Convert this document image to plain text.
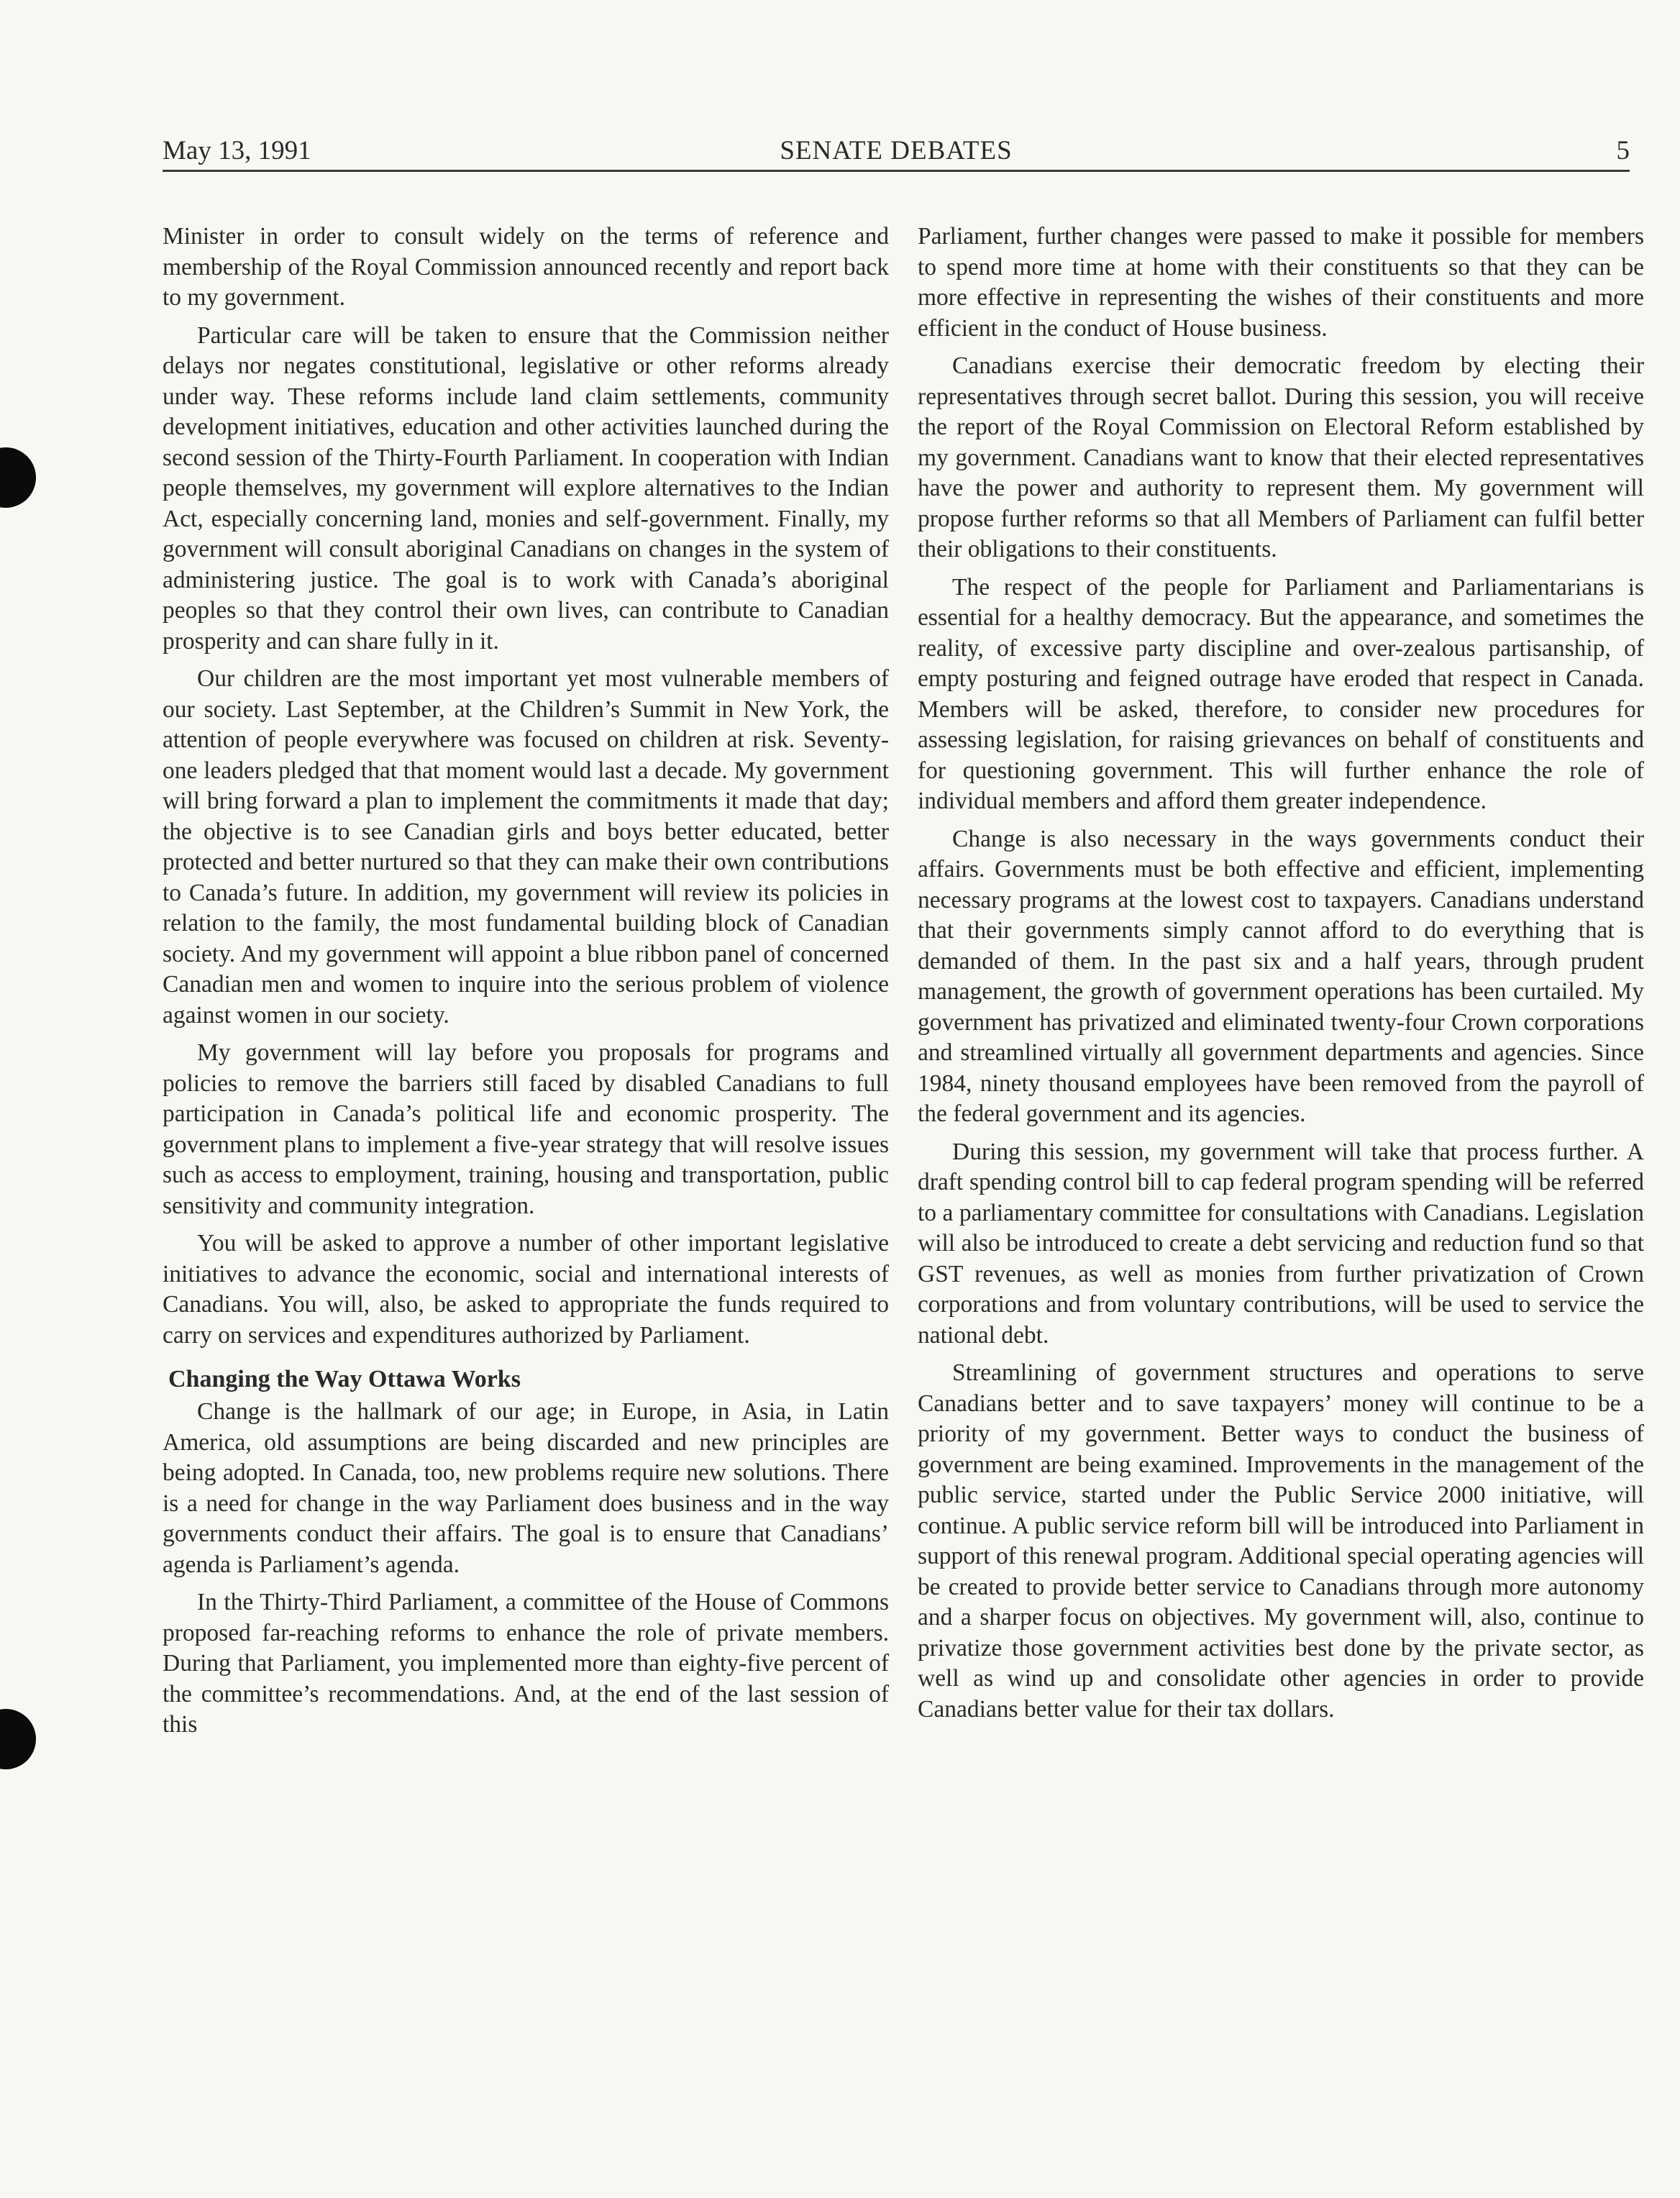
May 13, 1991	SENATE DEBATES	5

Minister in order to consult widely on the terms of reference and membership of the Royal Commission announced recently and report back to my government.

Particular care will be taken to ensure that the Commission neither delays nor negates constitutional, legislative or other reforms already under way. These reforms include land claim settlements, community development initiatives, education and other activities launched during the second session of the Thirty-Fourth Parliament. In cooperation with Indian people themselves, my government will explore alternatives to the Indian Act, especially concerning land, monies and self-government. Finally, my government will consult aboriginal Canadians on changes in the system of administering justice. The goal is to work with Canada’s aboriginal peoples so that they control their own lives, can contribute to Canadian prosperity and can share fully in it.

Our children are the most important yet most vulnerable members of our society. Last September, at the Children’s Summit in New York, the attention of people everywhere was focused on children at risk. Seventy-one leaders pledged that that moment would last a decade. My government will bring forward a plan to implement the commitments it made that day; the objective is to see Canadian girls and boys better educated, better protected and better nurtured so that they can make their own contributions to Canada’s future. In addition, my government will review its policies in relation to the family, the most fundamental building block of Canadian society. And my government will appoint a blue ribbon panel of concerned Canadian men and women to inquire into the serious problem of violence against women in our society.

My government will lay before you proposals for programs and policies to remove the barriers still faced by disabled Canadians to full participation in Canada’s political life and economic prosperity. The government plans to implement a five-year strategy that will resolve issues such as access to employment, training, housing and transportation, public sensitivity and community integration.

You will be asked to approve a number of other important legislative initiatives to advance the economic, social and international interests of Canadians. You will, also, be asked to appropriate the funds required to carry on services and expenditures authorized by Parliament.

Changing the Way Ottawa Works

Change is the hallmark of our age; in Europe, in Asia, in Latin America, old assumptions are being discarded and new principles are being adopted. In Canada, too, new problems require new solutions. There is a need for change in the way Parliament does business and in the way governments conduct their affairs. The goal is to ensure that Canadians’ agenda is Parliament’s agenda.

In the Thirty-Third Parliament, a committee of the House of Commons proposed far-reaching reforms to enhance the role of private members. During that Parliament, you implemented more than eighty-five percent of the committee’s recommendations. And, at the end of the last session of this

Parliament, further changes were passed to make it possible for members to spend more time at home with their constituents so that they can be more effective in representing the wishes of their constituents and more efficient in the conduct of House business.

Canadians exercise their democratic freedom by electing their representatives through secret ballot. During this session, you will receive the report of the Royal Commission on Electoral Reform established by my government. Canadians want to know that their elected representatives have the power and authority to represent them. My government will propose further reforms so that all Members of Parliament can fulfil better their obligations to their constituents.

The respect of the people for Parliament and Parliamentarians is essential for a healthy democracy. But the appearance, and sometimes the reality, of excessive party discipline and over-zealous partisanship, of empty posturing and feigned outrage have eroded that respect in Canada. Members will be asked, therefore, to consider new procedures for assessing legislation, for raising grievances on behalf of constituents and for questioning government. This will further enhance the role of individual members and afford them greater independence.

Change is also necessary in the ways governments conduct their affairs. Governments must be both effective and efficient, implementing necessary programs at the lowest cost to taxpayers. Canadians understand that their governments simply cannot afford to do everything that is demanded of them. In the past six and a half years, through prudent management, the growth of government operations has been curtailed. My government has privatized and eliminated twenty-four Crown corporations and streamlined virtually all government departments and agencies. Since 1984, ninety thousand employees have been removed from the payroll of the federal government and its agencies.

During this session, my government will take that process further. A draft spending control bill to cap federal program spending will be referred to a parliamentary committee for consultations with Canadians. Legislation will also be introduced to create a debt servicing and reduction fund so that GST revenues, as well as monies from further privatization of Crown corporations and from voluntary contributions, will be used to service the national debt.

Streamlining of government structures and operations to serve Canadians better and to save taxpayers’ money will continue to be a priority of my government. Better ways to conduct the business of government are being examined. Improvements in the management of the public service, started under the Public Service 2000 initiative, will continue. A public service reform bill will be introduced into Parliament in support of this renewal program. Additional special operating agencies will be created to provide better service to Canadians through more autonomy and a sharper focus on objectives. My government will, also, continue to privatize those government activities best done by the private sector, as well as wind up and consolidate other agencies in order to provide Canadians better value for their tax dollars.
